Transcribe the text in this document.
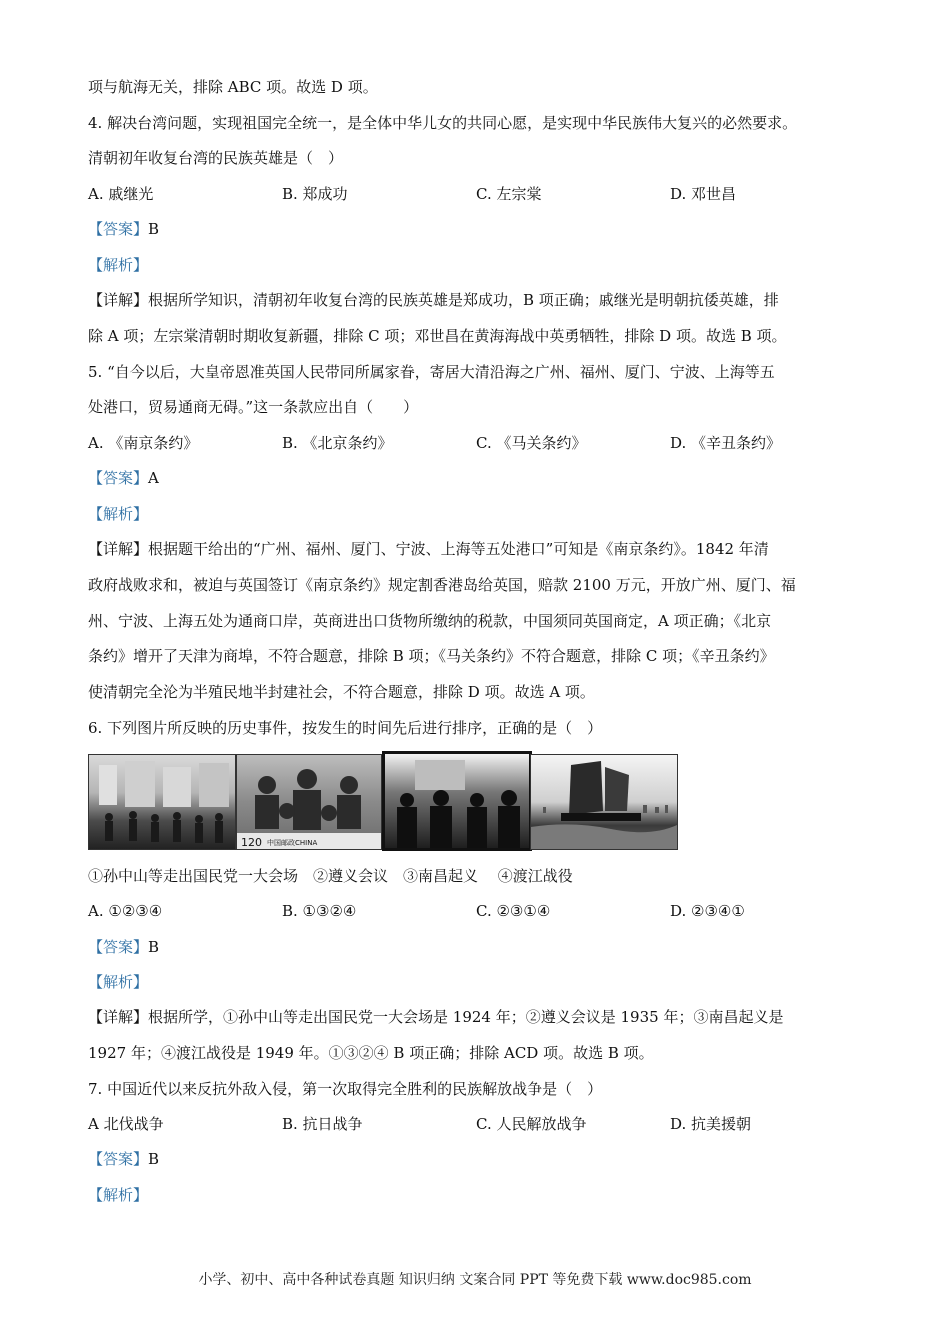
项与航海无关，排除 ABC 项。故选 D 项。
4. 解决台湾问题，实现祖国完全统一，是全体中华儿女的共同心愿，是实现中华民族伟大复兴的必然要求。
清朝初年收复台湾的民族英雄是（　）
A. 戚继光	B. 郑成功	C. 左宗棠	D. 邓世昌
【答案】B
【解析】
【详解】根据所学知识，清朝初年收复台湾的民族英雄是郑成功，B 项正确；戚继光是明朝抗倭英雄，排
除 A 项；左宗棠清朝时期收复新疆，排除 C 项；邓世昌在黄海海战中英勇牺牲，排除 D 项。故选 B 项。
5. “自今以后，大皇帝恩准英国人民带同所属家眷，寄居大清沿海之广州、福州、厦门、宁波、上海等五
处港口，贸易通商无碍。”这一条款应出自（　　）
A. 《南京条约》	B. 《北京条约》	C. 《马关条约》	D. 《辛丑条约》
【答案】A
【解析】
【详解】根据题干给出的“广州、福州、厦门、宁波、上海等五处港口”可知是《南京条约》。1842 年清
政府战败求和，被迫与英国签订《南京条约》规定割香港岛给英国，赔款 2100 万元，开放广州、厦门、福
州、宁波、上海五处为通商口岸，英商进出口货物所缴纳的税款，中国须同英国商定，A 项正确；《北京
条约》增开了天津为商埠，不符合题意，排除 B 项；《马关条约》不符合题意，排除 C 项；《辛丑条约》
使清朝完全沦为半殖民地半封建社会，不符合题意，排除 D 项。故选 A 项。
6. 下列图片所反映的历史事件，按发生的时间先后进行排序，正确的是（　）
120 中国邮政CHINA
①孙中山等走出国民党一大会场　②遵义会议　③南昌起义　 ④渡江战役
A. ①②③④	B. ①③②④	C. ②③①④	D. ②③④①
【答案】B
【解析】
【详解】根据所学，①孙中山等走出国民党一大会场是 1924 年；②遵义会议是 1935 年；③南昌起义是
1927 年；④渡江战役是 1949 年。①③②④ B 项正确；排除 ACD 项。故选 B 项。
7. 中国近代以来反抗外敌入侵，第一次取得完全胜利的民族解放战争是（　）
A 北伐战争	B. 抗日战争	C. 人民解放战争	D. 抗美援朝
【答案】B
【解析】
小学、初中、高中各种试卷真题 知识归纳 文案合同 PPT 等免费下载 www.doc985.com
